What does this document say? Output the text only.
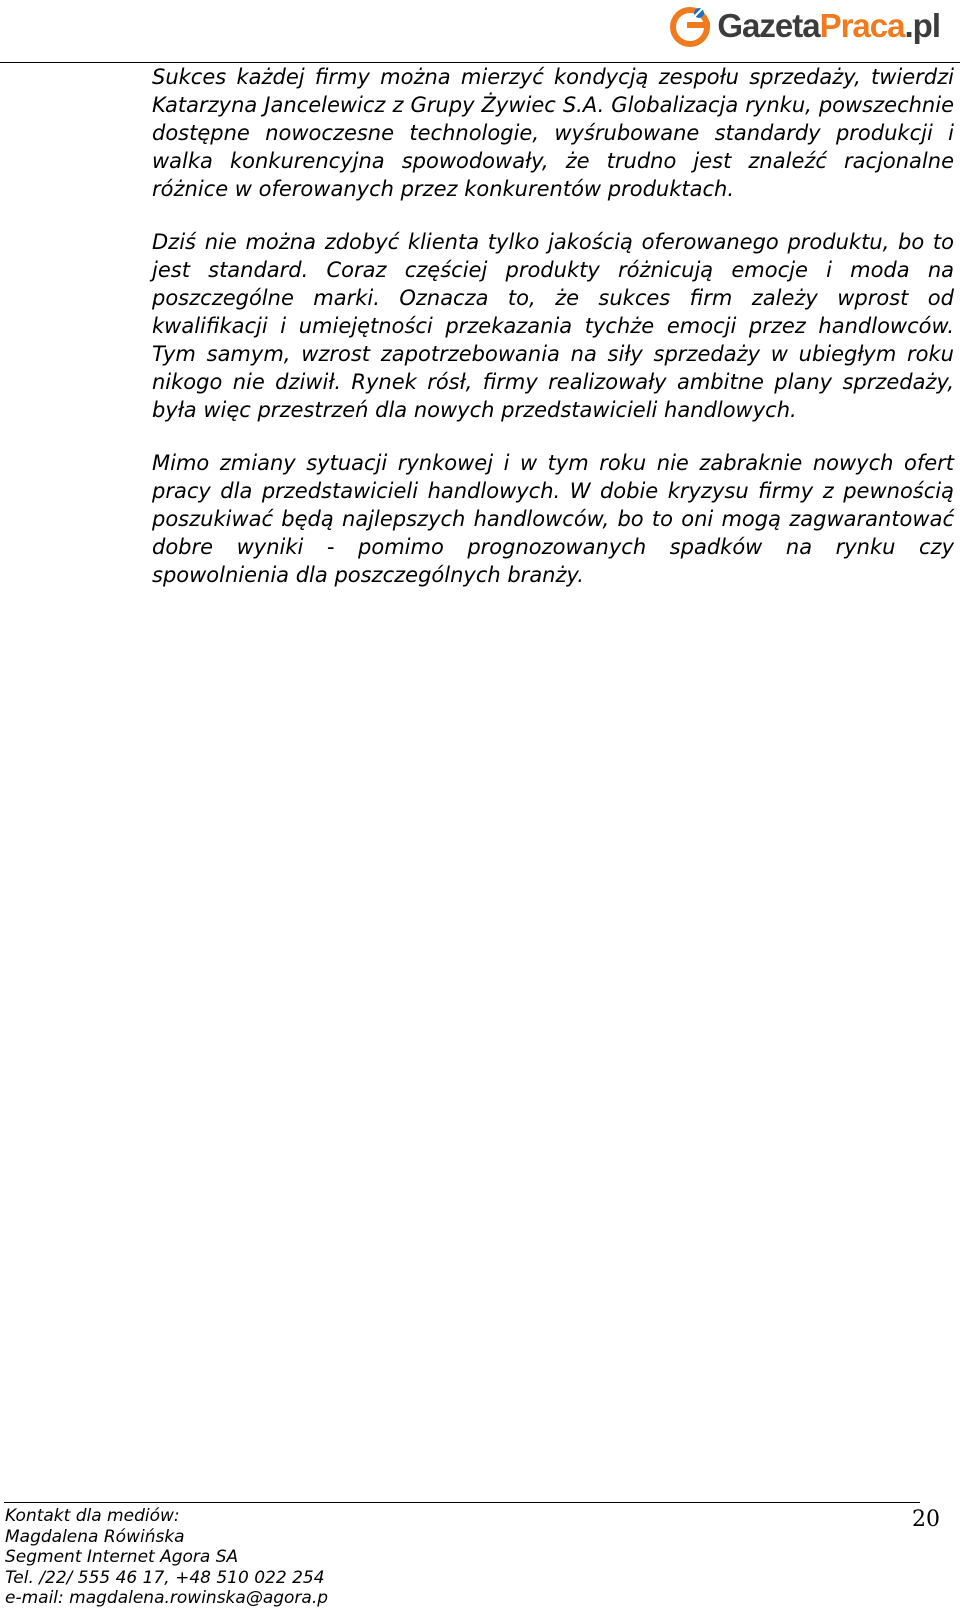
GazetaPraca.pl

Sukces każdej firmy można mierzyć kondycją zespołu sprzedaży, twierdzi Katarzyna Jancelewicz z Grupy Żywiec S.A. Globalizacja rynku, powszechnie dostępne nowoczesne technologie, wyśrubowane standardy produkcji i walka konkurencyjna spowodowały, że trudno jest znaleźć racjonalne różnice w oferowanych przez konkurentów produktach.

Dziś nie można zdobyć klienta tylko jakością oferowanego produktu, bo to jest standard. Coraz częściej produkty różnicują emocje i moda na poszczególne marki. Oznacza to, że sukces firm zależy wprost od kwalifikacji i umiejętności przekazania tychże emocji przez handlowców. Tym samym, wzrost zapotrzebowania na siły sprzedaży w ubiegłym roku nikogo nie dziwił. Rynek rósł, firmy realizowały ambitne plany sprzedaży, była więc przestrzeń dla nowych przedstawicieli handlowych.

Mimo zmiany sytuacji rynkowej i w tym roku nie zabraknie nowych ofert pracy dla przedstawicieli handlowych. W dobie kryzysu firmy z pewnością poszukiwać będą najlepszych handlowców, bo to oni mogą zagwarantować dobre wyniki - pomimo prognozowanych spadków na rynku czy spowolnienia dla poszczególnych branży.

Kontakt dla mediów:
Magdalena Rówińska
Segment Internet Agora SA
Tel. /22/ 555 46 17, +48 510 022 254
e-mail: magdalena.rowinska@agora.p
20
